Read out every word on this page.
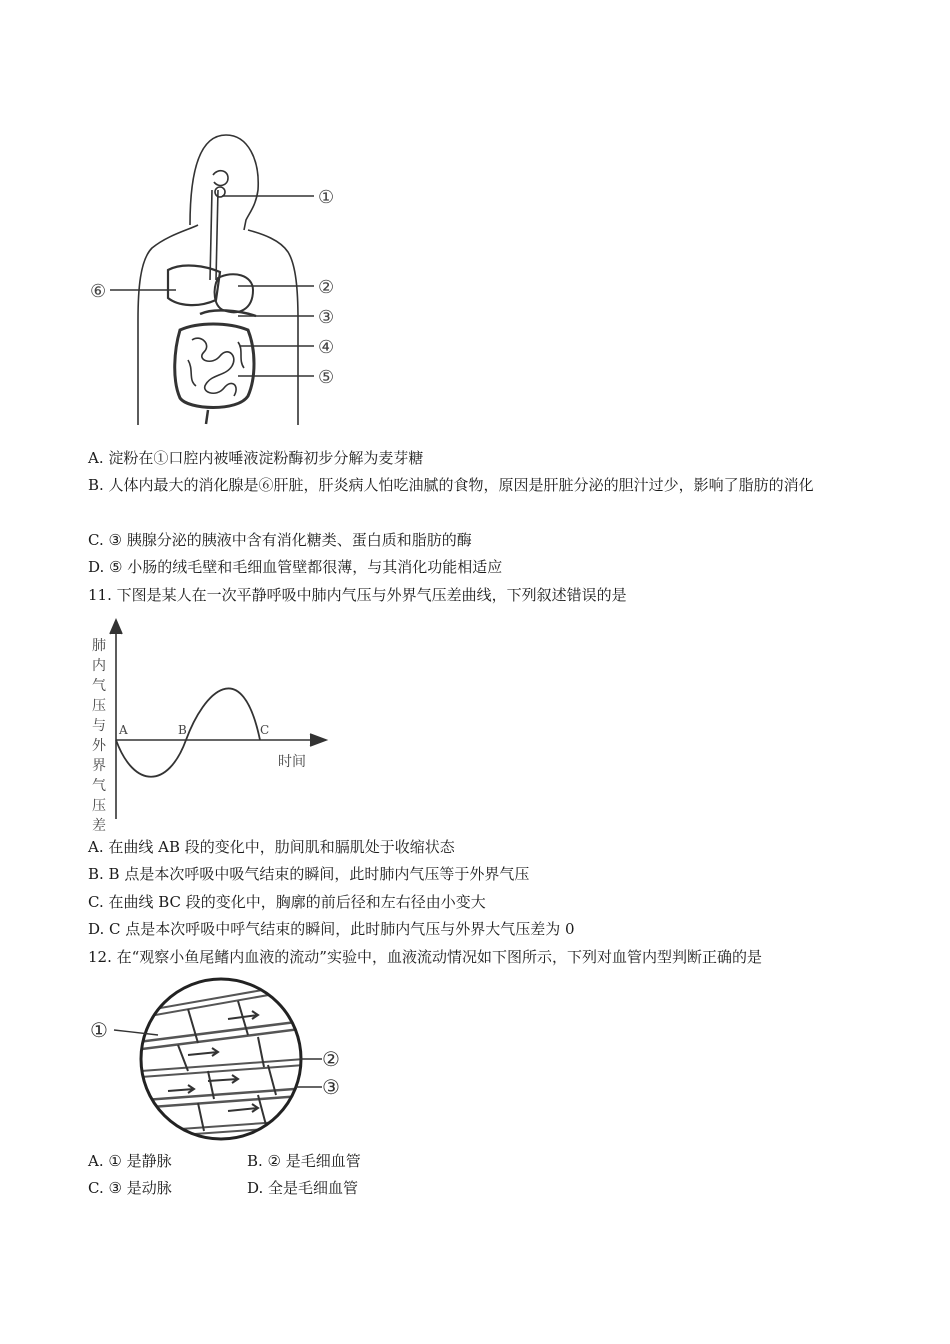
①
⑥	②
③
④
⑤
A. 淀粉在①口腔内被唾液淀粉酶初步分解为麦芽糖
B. 人体内最大的消化腺是⑥肝脏，肝炎病人怕吃油腻的食物，原因是肝脏分泌的胆汁过少，影响了脂肪的消化
C. ③ 胰腺分泌的胰液中含有消化糖类、蛋白质和脂肪的酶
D. ⑤ 小肠的绒毛壁和毛细血管壁都很薄，与其消化功能相适应
11. 下图是某人在一次平静呼吸中肺内气压与外界气压差曲线，下列叙述错误的是
肺
内
气
压
与
外
界
气
压
差
A	B	C
时间
A. 在曲线 AB 段的变化中，肋间肌和膈肌处于收缩状态
B. B 点是本次呼吸中吸气结束的瞬间，此时肺内气压等于外界气压
C. 在曲线 BC 段的变化中，胸廓的前后径和左右径由小变大
D. C 点是本次呼吸中呼气结束的瞬间，此时肺内气压与外界大气压差为 0
12. 在“观察小鱼尾鳍内血液的流动”实验中，血液流动情况如下图所示，下列对血管内型判断正确的是
①
②
③
A. ① 是静脉	B. ② 是毛细血管
C. ③ 是动脉	D. 全是毛细血管
